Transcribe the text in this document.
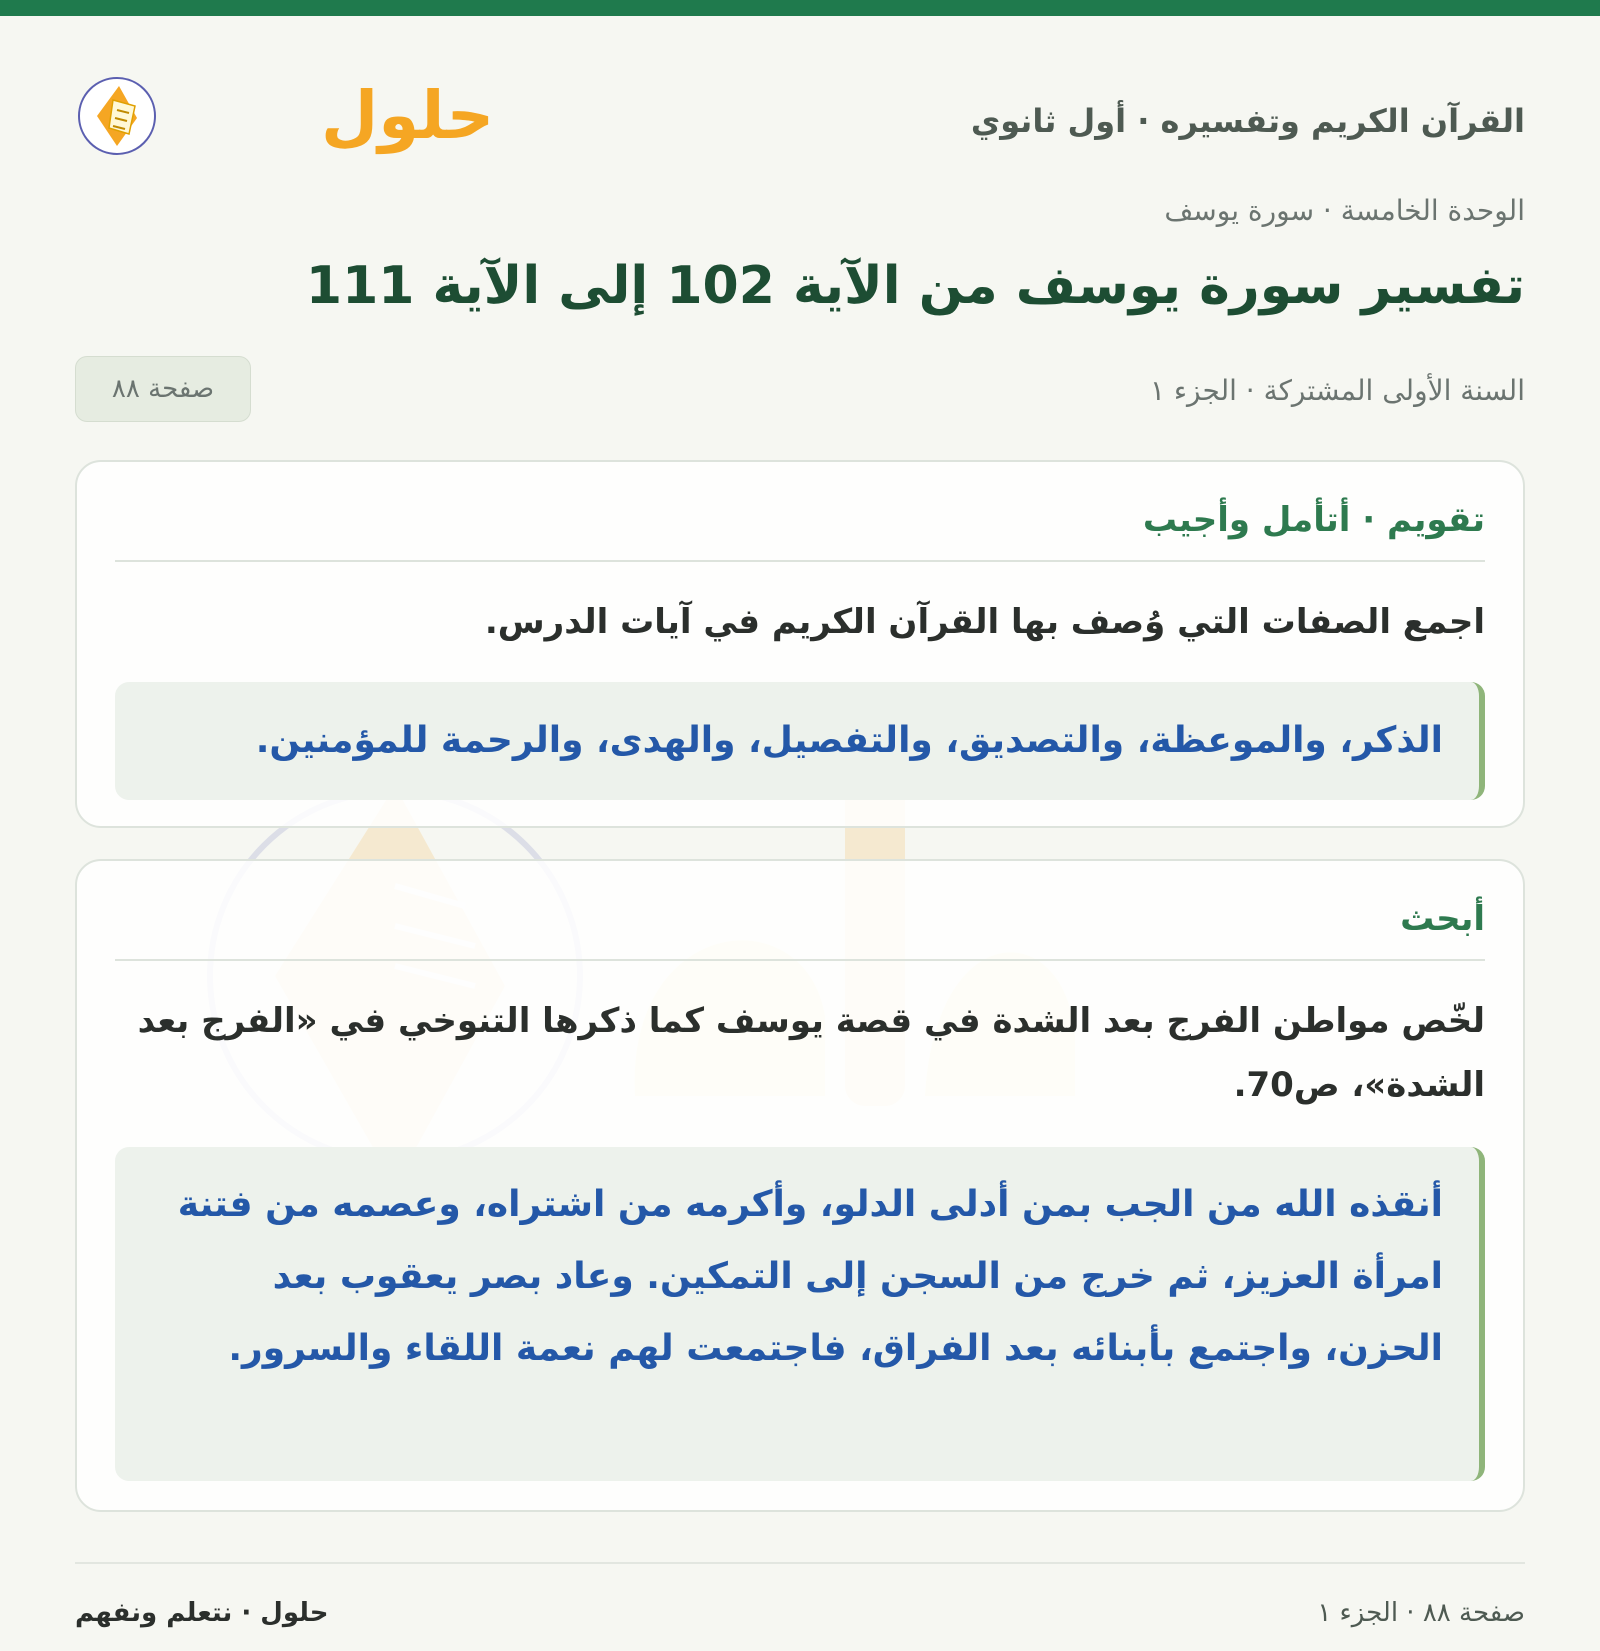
القرآن الكريم وتفسيره · أول ثانوي
حلول
الوحدة الخامسة · سورة يوسف
تفسير سورة يوسف من الآية 102 إلى الآية 111
السنة الأولى المشتركة · الجزء ١
صفحة ٨٨
تقويم · أتأمل وأجيب
اجمع الصفات التي وُصف بها القرآن الكريم في آيات الدرس.
الذكر، والموعظة، والتصديق، والتفصيل، والهدى، والرحمة للمؤمنين.
أبحث
لخّص مواطن الفرج بعد الشدة في قصة يوسف كما ذكرها التنوخي في «الفرج بعد الشدة»، ص70.
أنقذه الله من الجب بمن أدلى الدلو، وأكرمه من اشتراه، وعصمه من فتنة امرأة العزيز، ثم خرج من السجن إلى التمكين. وعاد بصر يعقوب بعد الحزن، واجتمع بأبنائه بعد الفراق، فاجتمعت لهم نعمة اللقاء والسرور.
صفحة ٨٨ · الجزء ١
حلول · نتعلم ونفهم
